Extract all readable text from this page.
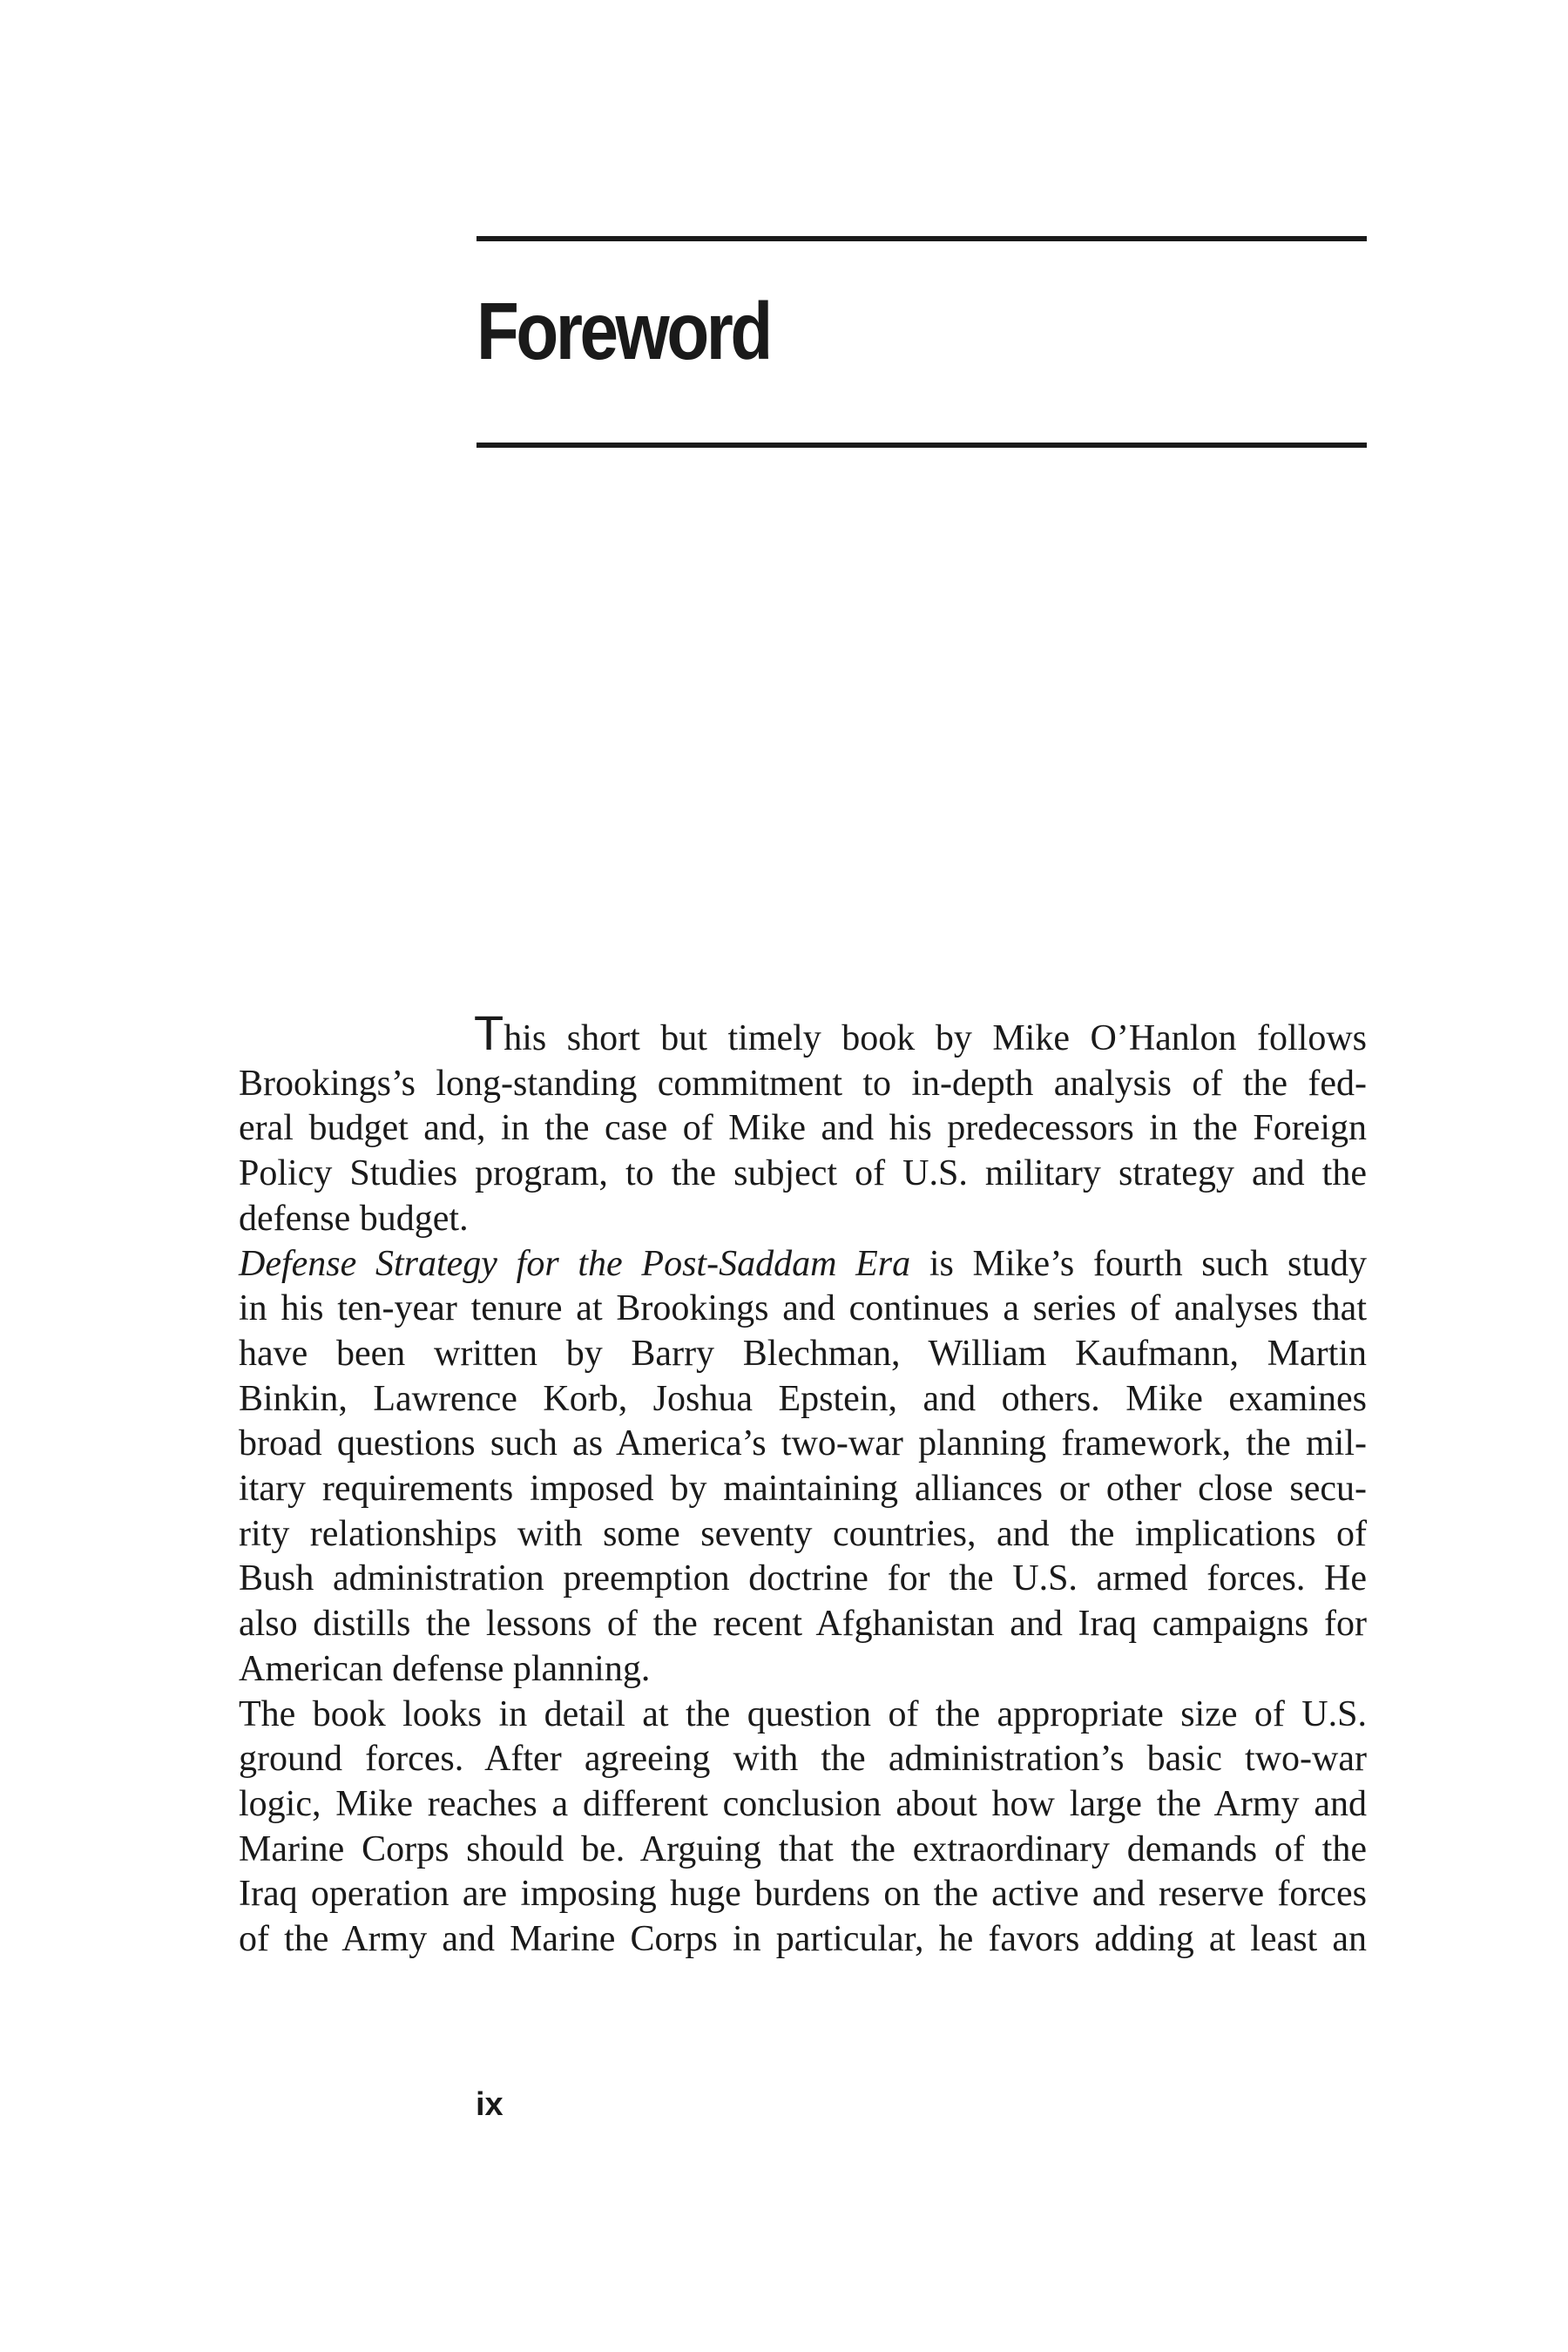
Foreword
This short but timely book by Mike O’Hanlon follows
Brookings’s long-standing commitment to in-depth analysis of the fed-
eral budget and, in the case of Mike and his predecessors in the Foreign
Policy Studies program, to the subject of U.S. military strategy and the
defense budget.
Defense Strategy for the Post-Saddam Era is Mike’s fourth such study
in his ten-year tenure at Brookings and continues a series of analyses that
have been written by Barry Blechman, William Kaufmann, Martin
Binkin, Lawrence Korb, Joshua Epstein, and others. Mike examines
broad questions such as America’s two-war planning framework, the mil-
itary requirements imposed by maintaining alliances or other close secu-
rity relationships with some seventy countries, and the implications of
Bush administration preemption doctrine for the U.S. armed forces. He
also distills the lessons of the recent Afghanistan and Iraq campaigns for
American defense planning.
The book looks in detail at the question of the appropriate size of U.S.
ground forces. After agreeing with the administration’s basic two-war
logic, Mike reaches a different conclusion about how large the Army and
Marine Corps should be. Arguing that the extraordinary demands of the
Iraq operation are imposing huge burdens on the active and reserve forces
of the Army and Marine Corps in particular, he favors adding at least an
ix
